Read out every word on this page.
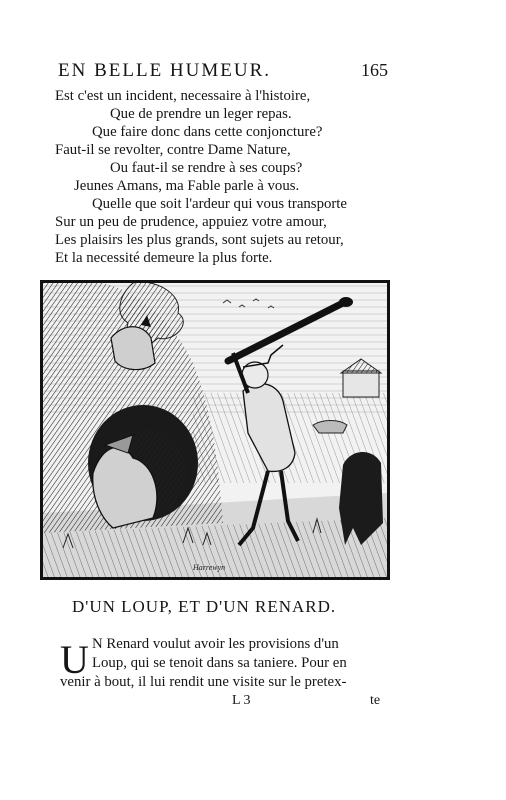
EN BELLE HUMEUR.	165
Est c'est un incident, necessaire à l'histoire,
Que de prendre un leger repas.
Que faire donc dans cette conjoncture?
Faut-il se revolter, contre Dame Nature,
Ou faut-il se rendre à ses coups?
Jeunes Amans, ma Fable parle à vous.
Quelle que soit l'ardeur qui vous transporte
Sur un peu de prudence, appuiez votre amour,
Les plaisirs les plus grands, sont sujets au retour,
Et la necessité demeure la plus forte.
Harrewyn
D'UN LOUP, ET D'UN RENARD.
U N Renard voulut avoir les provisions d'un
Loup, qui se tenoit dans sa taniere. Pour en
venir à bout, il lui rendit une visite sur le pretex-
L 3	te
